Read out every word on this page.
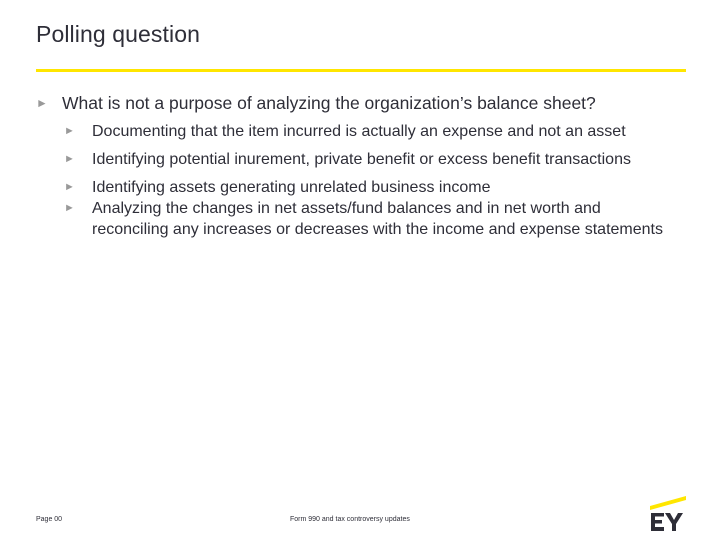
Polling question
► What is not a purpose of analyzing the organization’s balance sheet?
►	Documenting that the item incurred is actually an expense and not an asset
►	Identifying potential inurement, private benefit or excess benefit transactions
►	Identifying assets generating unrelated business income
►	Analyzing the changes in net assets/fund balances and in net worth and reconciling any increases or decreases with the income and expense statements
Page 00	Form 990 and tax controversy updates
